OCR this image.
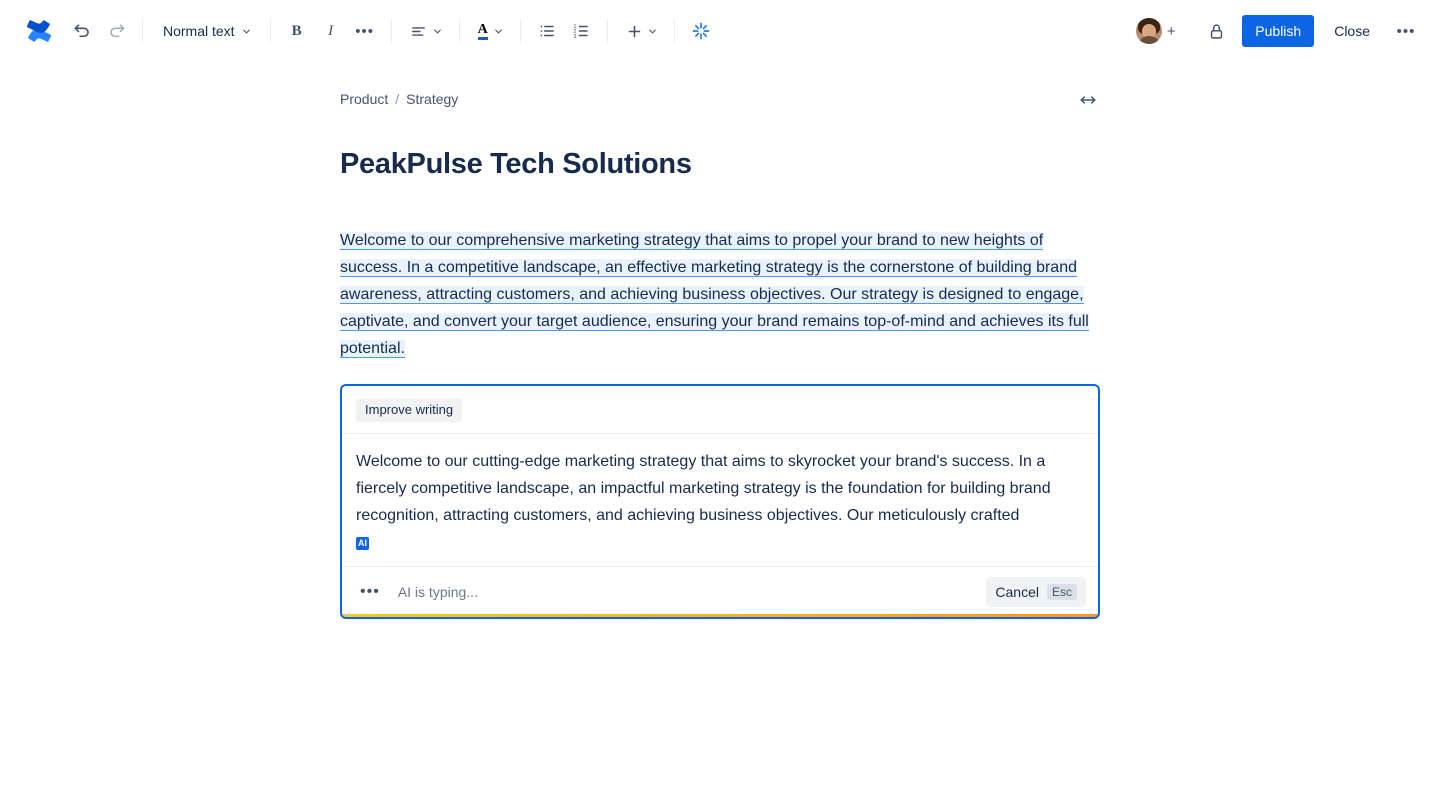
Normal text	B	I	•••	A	1
2
3	+	Publish	Close	•••
Product / Strategy
PeakPulse Tech Solutions
Welcome to our comprehensive marketing strategy that aims to propel your brand to new heights of success. In a competitive landscape, an effective marketing strategy is the cornerstone of building brand awareness, attracting customers, and achieving business objectives. Our strategy is designed to engage, captivate, and convert your target audience, ensuring your brand remains top-of-mind and achieves its full potential.
Improve writing
Welcome to our cutting-edge marketing strategy that aims to skyrocket your brand's success. In a fiercely competitive landscape, an impactful marketing strategy is the foundation for building brand recognition, attracting customers, and achieving business objectives. Our meticulously crafted
AI
•••	AI is typing...	Cancel	Esc
